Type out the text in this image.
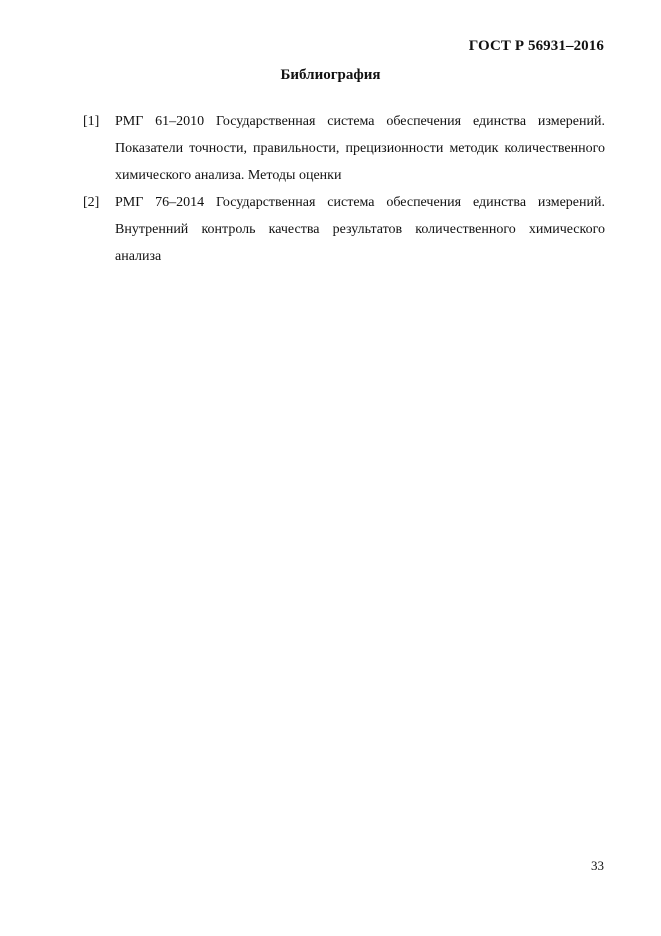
ГОСТ Р 56931–2016
Библиография
[1]	РМГ 61–2010 Государственная система обеспечения единства измерений. Показатели точности, правильности, прецизионности методик количественного химического анализа. Методы оценки
[2]	РМГ 76–2014 Государственная система обеспечения единства измерений. Внутренний контроль качества результатов количественного химического анализа
33
